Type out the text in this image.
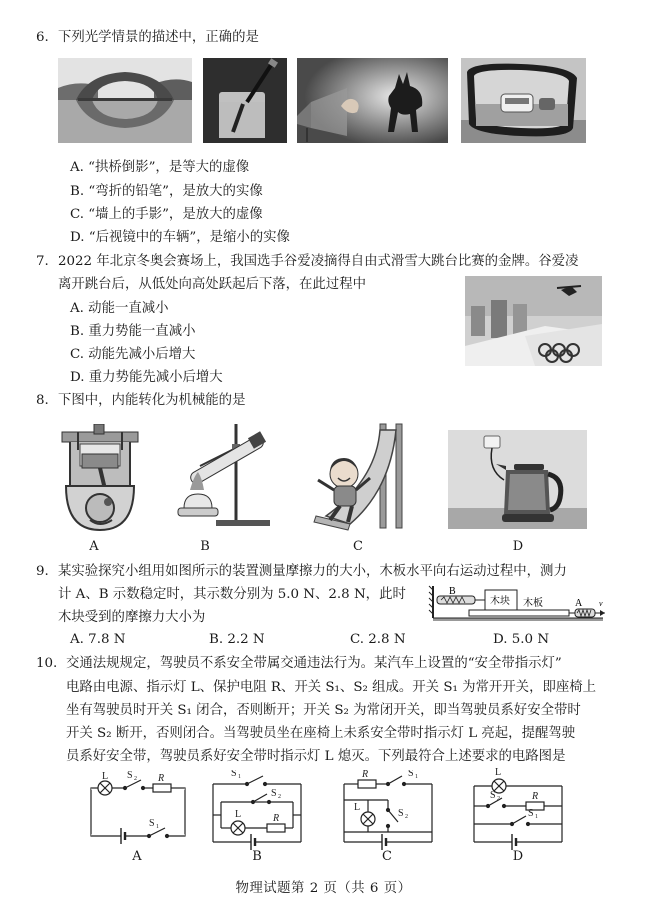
6. 下列光学情景的描述中，正确的是
A. “拱桥倒影”，是等大的虚像
B. “弯折的铅笔”，是放大的实像
C. “墙上的手影”，是放大的虚像
D. “后视镜中的车辆”，是缩小的实像
7. 2022 年北京冬奥会赛场上，我国选手谷爱凌摘得自由式滑雪大跳台比赛的金牌。谷爱凌
离开跳台后，从低处向高处跃起后下落，在此过程中
A. 动能一直减小
B. 重力势能一直减小
C. 动能先减小后增大
D. 重力势能先减小后增大
8. 下图中，内能转化为机械能的是
A	B	C	D
9. 某实验探究小组用如图所示的装置测量摩擦力的大小，木板水平向右运动过程中，测力
计 A、B 示数稳定时，其示数分别为 5.0 N、2.8 N，此时
木块受到的摩擦力大小为
B
木块 木板	A v
A. 7.8 N	B. 2.2 N	C. 2.8 N	D. 5.0 N
10. 交通法规规定，驾驶员不系安全带属交通违法行为。某汽车上设置的“安全带指示灯”
电路由电源、指示灯 L、保护电阻 R、开关 S₁、S₂ 组成。开关 S₁ 为常开开关，即座椅上
坐有驾驶员时开关 S₁ 闭合，否则断开；开关 S₂ 为常闭开关，即当驾驶员系好安全带时
开关 S₂ 断开，否则闭合。当驾驶员坐在座椅上未系安全带时指示灯 L 亮起，提醒驾驶
员系好安全带，驾驶员系好安全带时指示灯 L 熄灭。下列最符合上述要求的电路图是
L S 2 R
S 1
S 1
S 2
L	R
R	S 1
L
S 2
L
S 2	R
S 1
A	B	C	D
物理试题第 2 页（共 6 页）
